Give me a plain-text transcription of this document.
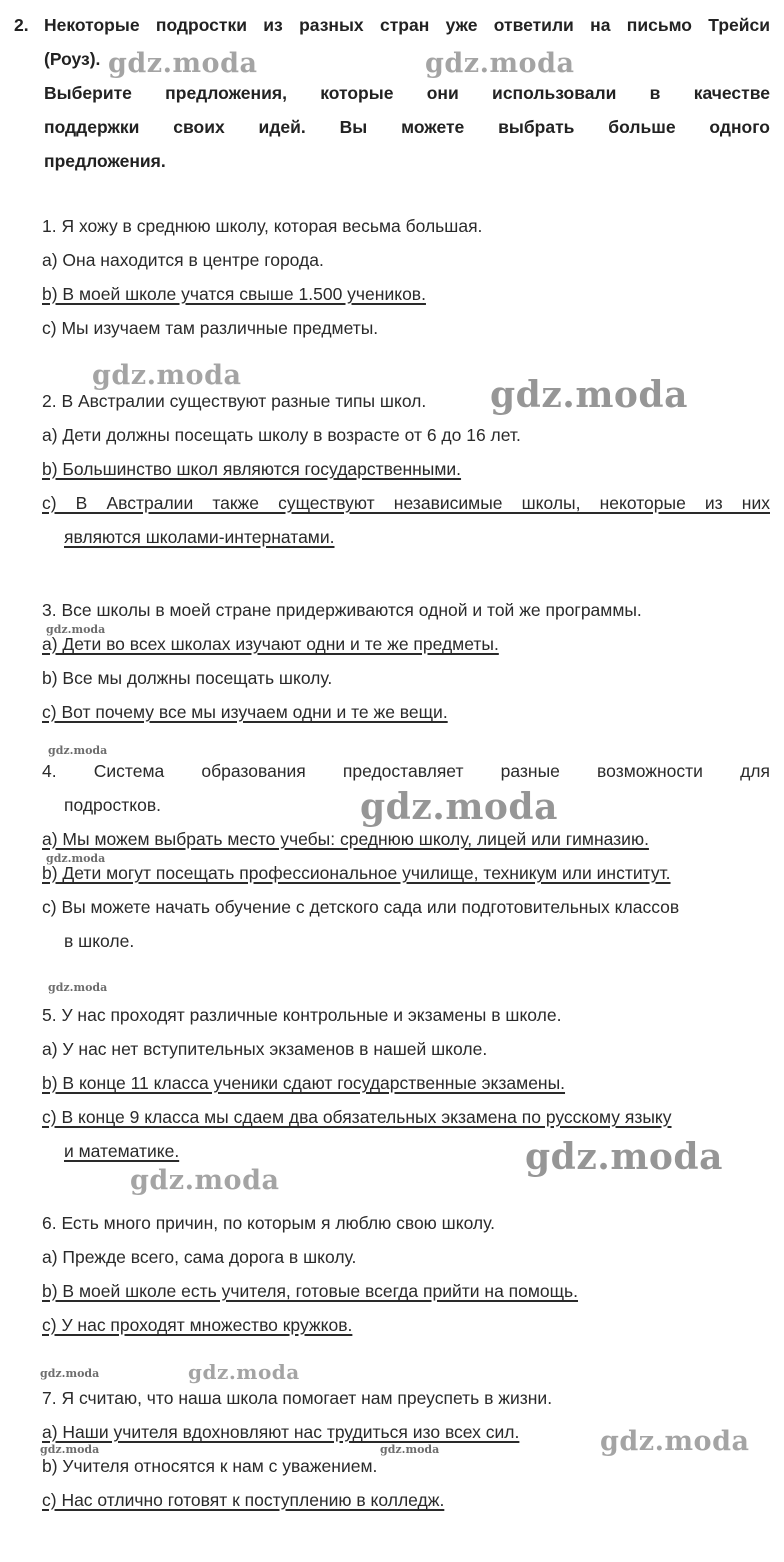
2. Некоторые подростки из разных стран уже ответили на письмо Трейси

(Роуз).

Выберите предложения, которые они использовали в качестве

поддержки своих идей. Вы можете выбрать больше одного

предложения.

1. Я хожу в среднюю школу, которая весьма большая.
a) Она находится в центре города.
b) В моей школе учатся свыше 1.500 учеников.
c) Мы изучаем там различные предметы.
2. В Австралии существуют разные типы школ.
a) Дети должны посещать школу в возрасте от 6 до 16 лет.
b) Большинство школ являются государственными.
c) В Австралии также существуют независимые школы, некоторые из них
являются школами-интернатами.
3. Все школы в моей стране придерживаются одной и той же программы.
a) Дети во всех школах изучают одни и те же предметы.
b) Все мы должны посещать школу.
c) Вот почему все мы изучаем одни и те же вещи.
4. Система образования предоставляет разные возможности для
подростков.
a) Мы можем выбрать место учебы: среднюю школу, лицей или гимназию.
b) Дети могут посещать профессиональное училище, техникум или институт.
c) Вы можете начать обучение с детского сада или подготовительных классов
в школе.
5. У нас проходят различные контрольные и экзамены в школе.
a) У нас нет вступительных экзаменов в нашей школе.
b) В конце 11 класса ученики сдают государственные экзамены.
c) В конце 9 класса мы сдаем два обязательных экзамена по русскому языку
и математике.
6. Есть много причин, по которым я люблю свою школу.
a) Прежде всего, сама дорога в школу.
b) В моей школе есть учителя, готовые всегда прийти на помощь.
c) У нас проходят множество кружков.
7. Я считаю, что наша школа помогает нам преуспеть в жизни.
a) Наши учителя вдохновляют нас трудиться изо всех сил.
b) Учителя относятся к нам с уважением.
c) Нас отлично готовят к поступлению в колледж.
gdz.moda	gdz.moda
gdz.moda	gdz.moda
gdz.moda
gdz.moda
gdz.moda
gdz.moda
gdz.moda
gdz.moda
gdz.moda
gdz.moda	gdz.moda
gdz.moda	gdz.moda	gdz.moda
